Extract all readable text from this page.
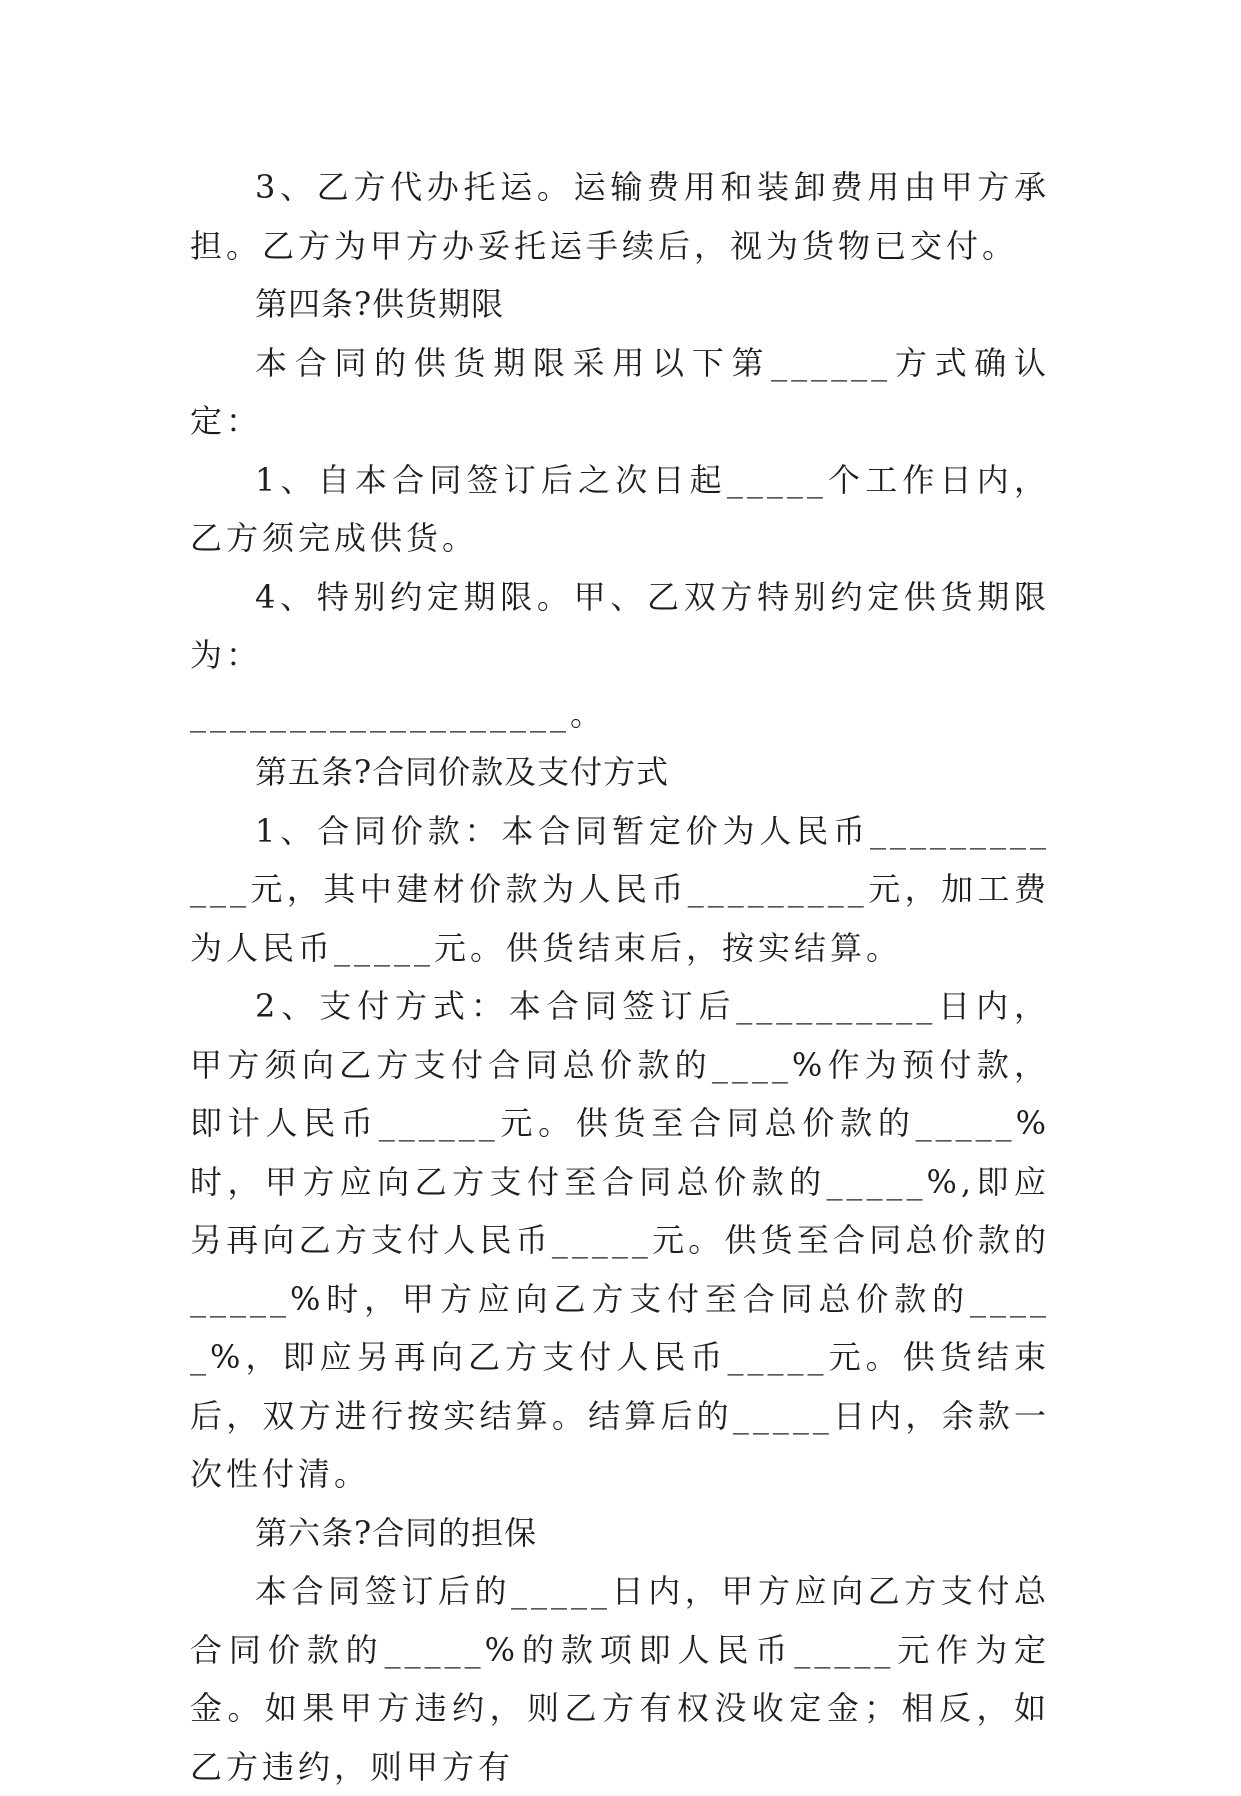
3、乙方代办托运。运输费用和装卸费用由甲方承担。乙方为甲方办妥托运手续后，视为货物已交付。

第四条?供货期限

本合同的供货期限采用以下第______方式确认定：

1、自本合同签订后之次日起_____个工作日内，乙方须完成供货。

4、特别约定期限。甲、乙双方特别约定供货期限为：

___________________。

第五条?合同价款及支付方式

1、合同价款：本合同暂定价为人民币____________元，其中建材价款为人民币_________元，加工费为人民币_____元。供货结束后，按实结算。

2、支付方式：本合同签订后__________日内，甲方须向乙方支付合同总价款的____%作为预付款，即计人民币______元。供货至合同总价款的_____%时，甲方应向乙方支付至合同总价款的_____%,即应另再向乙方支付人民币_____元。供货至合同总价款的_____%时，甲方应向乙方支付至合同总价款的_____%，即应另再向乙方支付人民币_____元。供货结束后，双方进行按实结算。结算后的_____日内，余款一次性付清。

第六条?合同的担保

本合同签订后的_____日内，甲方应向乙方支付总合同价款的_____%的款项即人民币_____元作为定金。如果甲方违约，则乙方有权没收定金；相反，如乙方违约，则甲方有
